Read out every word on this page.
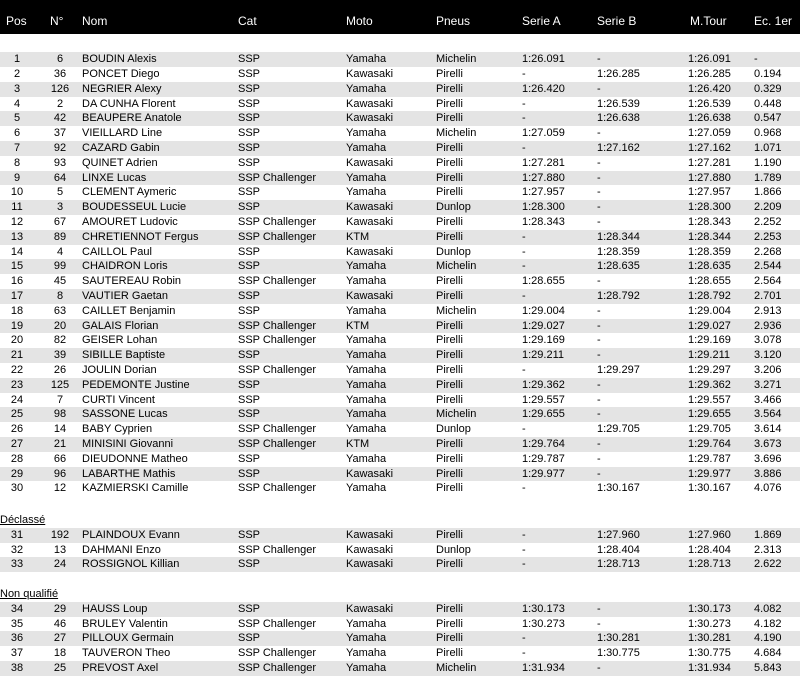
Pos N° Nom	Cat	Moto	Pneus	Serie A	Serie B	M.Tour Ec. 1er
1	6	BOUDIN Alexis	SSP	Yamaha	Michelin	1:26.091	-	1:26.091 -
2	36	PONCET Diego	SSP	Kawasaki	Pirelli	-	1:26.285	1:26.285 0.194
3	126	NEGRIER Alexy	SSP	Yamaha	Pirelli	1:26.420	-	1:26.420 0.329
4	2	DA CUNHA Florent	SSP	Kawasaki	Pirelli	-	1:26.539	1:26.539 0.448
5	42	BEAUPERE Anatole	SSP	Kawasaki	Pirelli	-	1:26.638	1:26.638 0.547
6	37	VIEILLARD Line	SSP	Yamaha	Michelin	1:27.059	-	1:27.059 0.968
7	92	CAZARD Gabin	SSP	Yamaha	Pirelli	-	1:27.162	1:27.162 1.071
8	93	QUINET Adrien	SSP	Kawasaki	Pirelli	1:27.281	-	1:27.281 1.190
9	64	LINXE Lucas	SSP Challenger	Yamaha	Pirelli	1:27.880	-	1:27.880 1.789
10	5	CLEMENT Aymeric	SSP	Yamaha	Pirelli	1:27.957	-	1:27.957 1.866
11	3	BOUDESSEUL Lucie	SSP	Kawasaki	Dunlop	1:28.300	-	1:28.300 2.209
12	67	AMOURET Ludovic	SSP Challenger	Kawasaki	Pirelli	1:28.343	-	1:28.343 2.252
13	89	CHRETIENNOT Fergus	SSP Challenger	KTM	Pirelli	-	1:28.344	1:28.344 2.253
14	4	CAILLOL Paul	SSP	Kawasaki	Dunlop	-	1:28.359	1:28.359 2.268
15	99	CHAIDRON Loris	SSP	Yamaha	Michelin	-	1:28.635	1:28.635 2.544
16	45	SAUTEREAU Robin	SSP Challenger	Yamaha	Pirelli	1:28.655	-	1:28.655 2.564
17	8	VAUTIER Gaetan	SSP	Kawasaki	Pirelli	-	1:28.792	1:28.792 2.701
18	63	CAILLET Benjamin	SSP	Yamaha	Michelin	1:29.004	-	1:29.004 2.913
19	20	GALAIS Florian	SSP Challenger	KTM	Pirelli	1:29.027	-	1:29.027 2.936
20	82	GEISER Lohan	SSP Challenger	Yamaha	Pirelli	1:29.169	-	1:29.169 3.078
21	39	SIBILLE Baptiste	SSP	Yamaha	Pirelli	1:29.211	-	1:29.211 3.120
22	26	JOULIN Dorian	SSP Challenger	Yamaha	Pirelli	-	1:29.297	1:29.297 3.206
23	125	PEDEMONTE Justine	SSP	Yamaha	Pirelli	1:29.362	-	1:29.362 3.271
24	7	CURTI Vincent	SSP	Yamaha	Pirelli	1:29.557	-	1:29.557 3.466
25	98	SASSONE Lucas	SSP	Yamaha	Michelin	1:29.655	-	1:29.655 3.564
26	14	BABY Cyprien	SSP Challenger	Yamaha	Dunlop	-	1:29.705	1:29.705 3.614
27	21	MINISINI Giovanni	SSP Challenger	KTM	Pirelli	1:29.764	-	1:29.764 3.673
28	66	DIEUDONNE Matheo	SSP	Yamaha	Pirelli	1:29.787	-	1:29.787 3.696
29	96	LABARTHE Mathis	SSP	Kawasaki	Pirelli	1:29.977	-	1:29.977 3.886
30	12	KAZMIERSKI Camille	SSP Challenger	Yamaha	Pirelli	-	1:30.167	1:30.167 4.076
Déclassé
31	192	PLAINDOUX Evann	SSP	Kawasaki	Pirelli	-	1:27.960	1:27.960 1.869
32	13	DAHMANI Enzo	SSP Challenger	Kawasaki	Dunlop	-	1:28.404	1:28.404 2.313
33	24	ROSSIGNOL Killian	SSP	Kawasaki	Pirelli	-	1:28.713	1:28.713 2.622
Non qualifié
34	29	HAUSS Loup	SSP	Kawasaki	Pirelli	1:30.173	-	1:30.173 4.082
35	46	BRULEY Valentin	SSP Challenger	Yamaha	Pirelli	1:30.273	-	1:30.273 4.182
36	27	PILLOUX Germain	SSP	Yamaha	Pirelli	-	1:30.281	1:30.281 4.190
37	18	TAUVERON Theo	SSP Challenger	Yamaha	Pirelli	-	1:30.775	1:30.775 4.684
38	25	PREVOST Axel	SSP Challenger	Yamaha	Michelin	1:31.934	-	1:31.934 5.843
